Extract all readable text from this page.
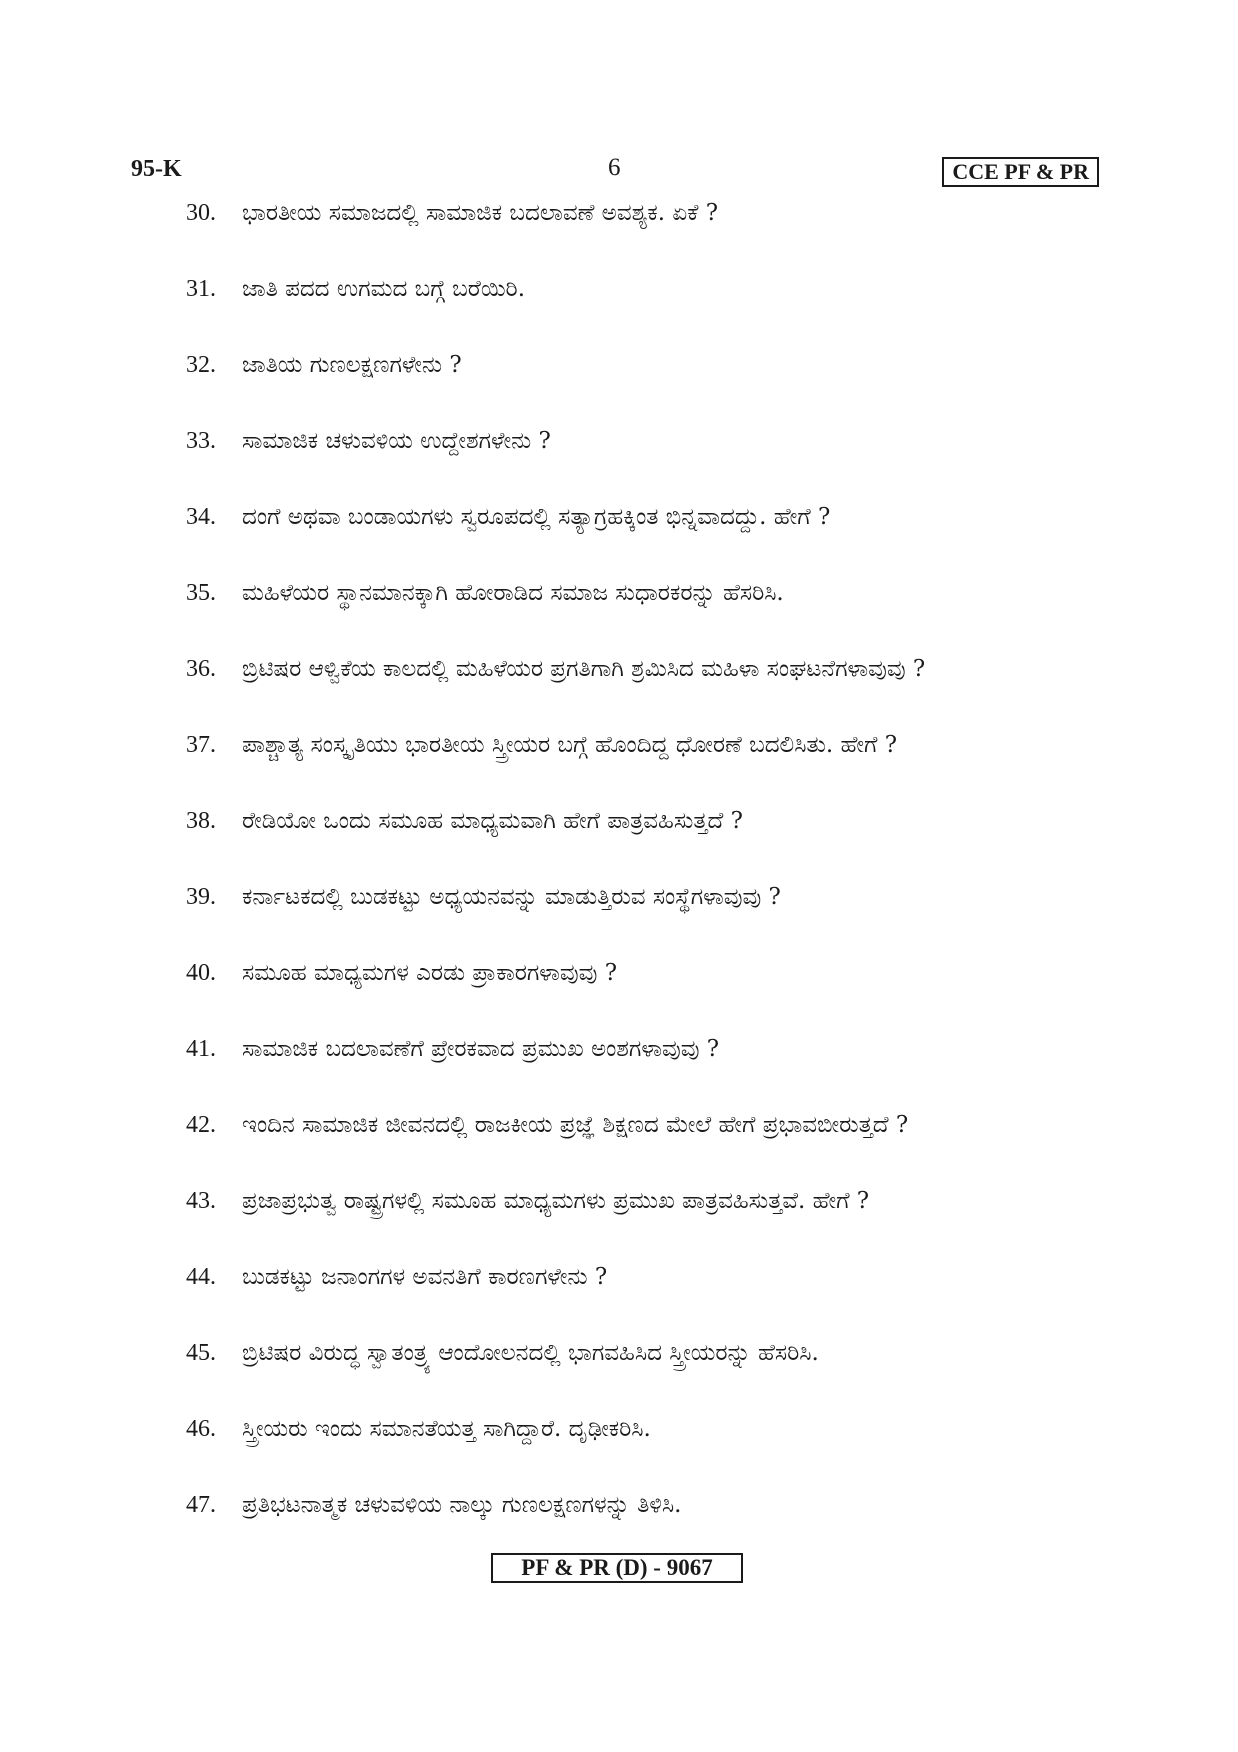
95-K	6	CCE PF & PR
30.	ಭಾರತೀಯ ಸಮಾಜದಲ್ಲಿ ಸಾಮಾಜಿಕ ಬದಲಾವಣೆ ಅವಶ್ಯಕ. ಏಕೆ ?
31.	ಜಾತಿ ಪದದ ಉಗಮದ ಬಗ್ಗೆ ಬರೆಯಿರಿ.
32.	ಜಾತಿಯ ಗುಣಲಕ್ಷಣಗಳೇನು ?
33.	ಸಾಮಾಜಿಕ ಚಳುವಳಿಯ ಉದ್ದೇಶಗಳೇನು ?
34.	ದಂಗೆ ಅಥವಾ ಬಂಡಾಯಗಳು ಸ್ವರೂಪದಲ್ಲಿ ಸತ್ಯಾಗ್ರಹಕ್ಕಿಂತ ಭಿನ್ನವಾದದ್ದು. ಹೇಗೆ ?
35.	ಮಹಿಳೆಯರ ಸ್ಥಾನಮಾನಕ್ಕಾಗಿ ಹೋರಾಡಿದ ಸಮಾಜ ಸುಧಾರಕರನ್ನು ಹೆಸರಿಸಿ.
36.	ಬ್ರಿಟಿಷರ ಆಳ್ವಿಕೆಯ ಕಾಲದಲ್ಲಿ ಮಹಿಳೆಯರ ಪ್ರಗತಿಗಾಗಿ ಶ್ರಮಿಸಿದ ಮಹಿಳಾ ಸಂಘಟನೆಗಳಾವುವು ?
37.	ಪಾಶ್ಚಾತ್ಯ ಸಂಸ್ಕೃತಿಯು ಭಾರತೀಯ ಸ್ತ್ರೀಯರ ಬಗ್ಗೆ ಹೊಂದಿದ್ದ ಧೋರಣೆ ಬದಲಿಸಿತು. ಹೇಗೆ ?
38.	ರೇಡಿಯೋ ಒಂದು ಸಮೂಹ ಮಾಧ್ಯಮವಾಗಿ ಹೇಗೆ ಪಾತ್ರವಹಿಸುತ್ತದೆ ?
39.	ಕರ್ನಾಟಕದಲ್ಲಿ ಬುಡಕಟ್ಟು ಅಧ್ಯಯನವನ್ನು ಮಾಡುತ್ತಿರುವ ಸಂಸ್ಥೆಗಳಾವುವು ?
40.	ಸಮೂಹ ಮಾಧ್ಯಮಗಳ ಎರಡು ಪ್ರಾಕಾರಗಳಾವುವು ?
41.	ಸಾಮಾಜಿಕ ಬದಲಾವಣೆಗೆ ಪ್ರೇರಕವಾದ ಪ್ರಮುಖ ಅಂಶಗಳಾವುವು ?
42.	ಇಂದಿನ ಸಾಮಾಜಿಕ ಜೀವನದಲ್ಲಿ ರಾಜಕೀಯ ಪ್ರಜ್ಞೆ ಶಿಕ್ಷಣದ ಮೇಲೆ ಹೇಗೆ ಪ್ರಭಾವಬೀರುತ್ತದೆ ?
43.	ಪ್ರಜಾಪ್ರಭುತ್ವ ರಾಷ್ಟ್ರಗಳಲ್ಲಿ ಸಮೂಹ ಮಾಧ್ಯಮಗಳು ಪ್ರಮುಖ ಪಾತ್ರವಹಿಸುತ್ತವೆ. ಹೇಗೆ ?
44.	ಬುಡಕಟ್ಟು ಜನಾಂಗಗಳ ಅವನತಿಗೆ ಕಾರಣಗಳೇನು ?
45.	ಬ್ರಿಟಿಷರ ವಿರುದ್ಧ ಸ್ವಾತಂತ್ರ್ಯ ಆಂದೋಲನದಲ್ಲಿ ಭಾಗವಹಿಸಿದ ಸ್ತ್ರೀಯರನ್ನು ಹೆಸರಿಸಿ.
46.	ಸ್ತ್ರೀಯರು ಇಂದು ಸಮಾನತೆಯತ್ತ ಸಾಗಿದ್ದಾರೆ. ದೃಢೀಕರಿಸಿ.
47.	ಪ್ರತಿಭಟನಾತ್ಮಕ ಚಳುವಳಿಯ ನಾಲ್ಕು ಗುಣಲಕ್ಷಣಗಳನ್ನು ತಿಳಿಸಿ.
PF & PR (D) - 9067
